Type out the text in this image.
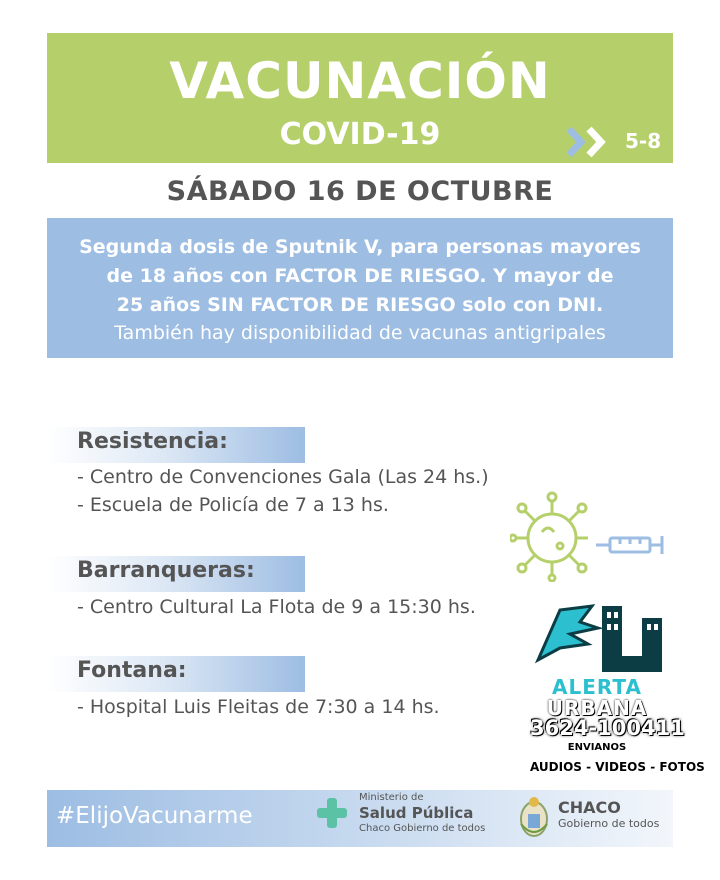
VACUNACIÓN
COVID-19	5-8
SÁBADO 16 DE OCTUBRE
Segunda dosis de Sputnik V, para personas mayores
de 18 años con FACTOR DE RIESGO. Y mayor de
25 años SIN FACTOR DE RIESGO solo con DNI.
También hay disponibilidad de vacunas antigripales
Resistencia:
- Centro de Convenciones Gala (Las 24 hs.)
- Escuela de Policía de 7 a 13 hs.
Barranqueras:
- Centro Cultural La Flota de 9 a 15:30 hs.
Fontana:
- Hospital Luis Fleitas de 7:30 a 14 hs.
ALERTA
URBANA
3624-100411
ENVIANOS
AUDIOS - VIDEOS - FOTOS
#ElijoVacunarme
Ministerio de
Salud Pública
Chaco Gobierno de todos
CHACO
Gobierno de todos
